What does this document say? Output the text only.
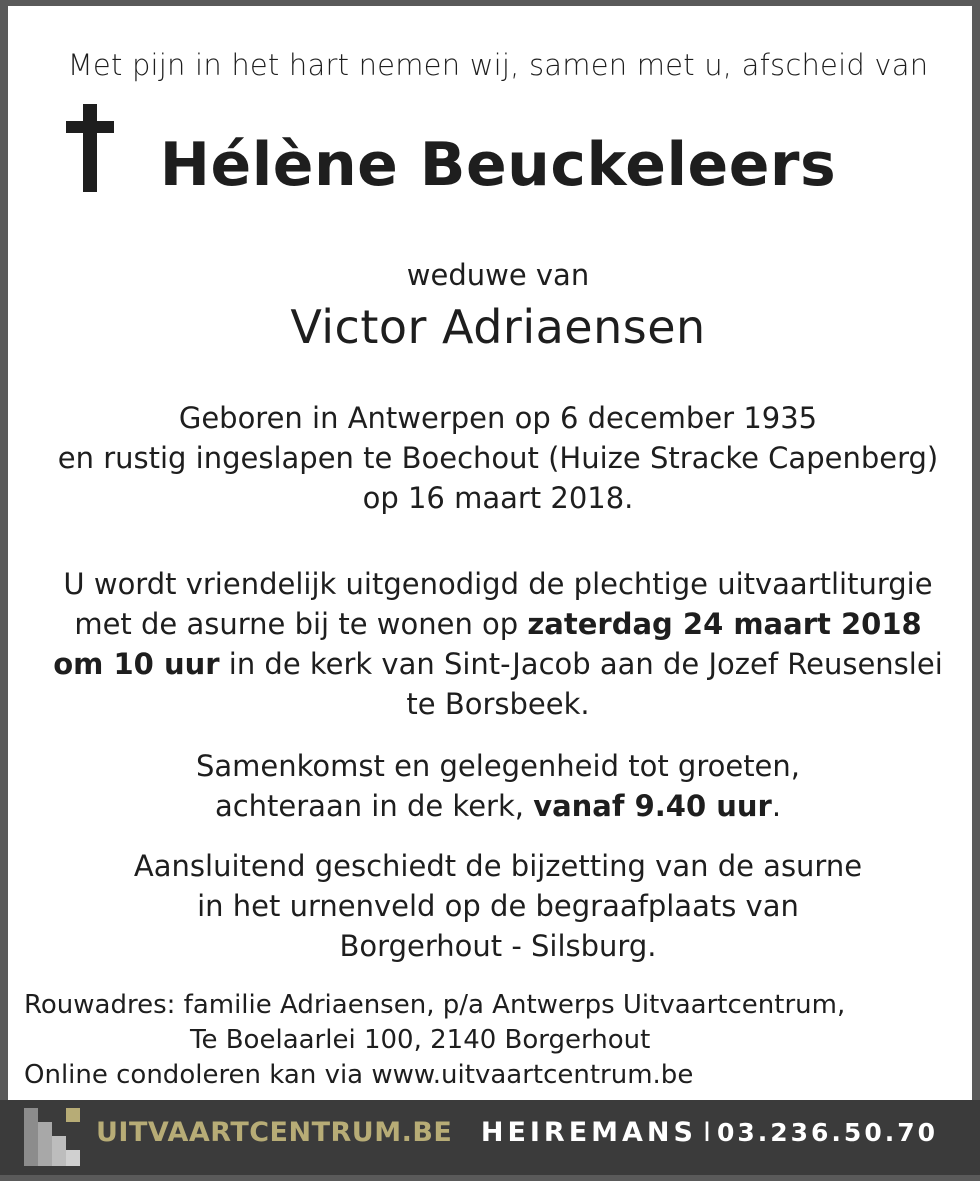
Met pijn in het hart nemen wij, samen met u, afscheid van
Hélène Beuckeleers
weduwe van
Victor Adriaensen
Geboren in Antwerpen op 6 december 1935
en rustig ingeslapen te Boechout (Huize Stracke Capenberg)
op 16 maart 2018.
U wordt vriendelijk uitgenodigd de plechtige uitvaartliturgie
met de asurne bij te wonen op zaterdag 24 maart 2018
om 10 uur in de kerk van Sint-Jacob aan de Jozef Reusenslei
te Borsbeek.
Samenkomst en gelegenheid tot groeten,
achteraan in de kerk, vanaf 9.40 uur.
Aansluitend geschiedt de bijzetting van de asurne
in het urnenveld op de begraafplaats van
Borgerhout - Silsburg.
Rouwadres: familie Adriaensen, p/a Antwerps Uitvaartcentrum,
Te Boelaarlei 100, 2140 Borgerhout
Online condoleren kan via www.uitvaartcentrum.be
UITVAARTCENTRUM.BE HEIREMANS I 03.236.50.70
